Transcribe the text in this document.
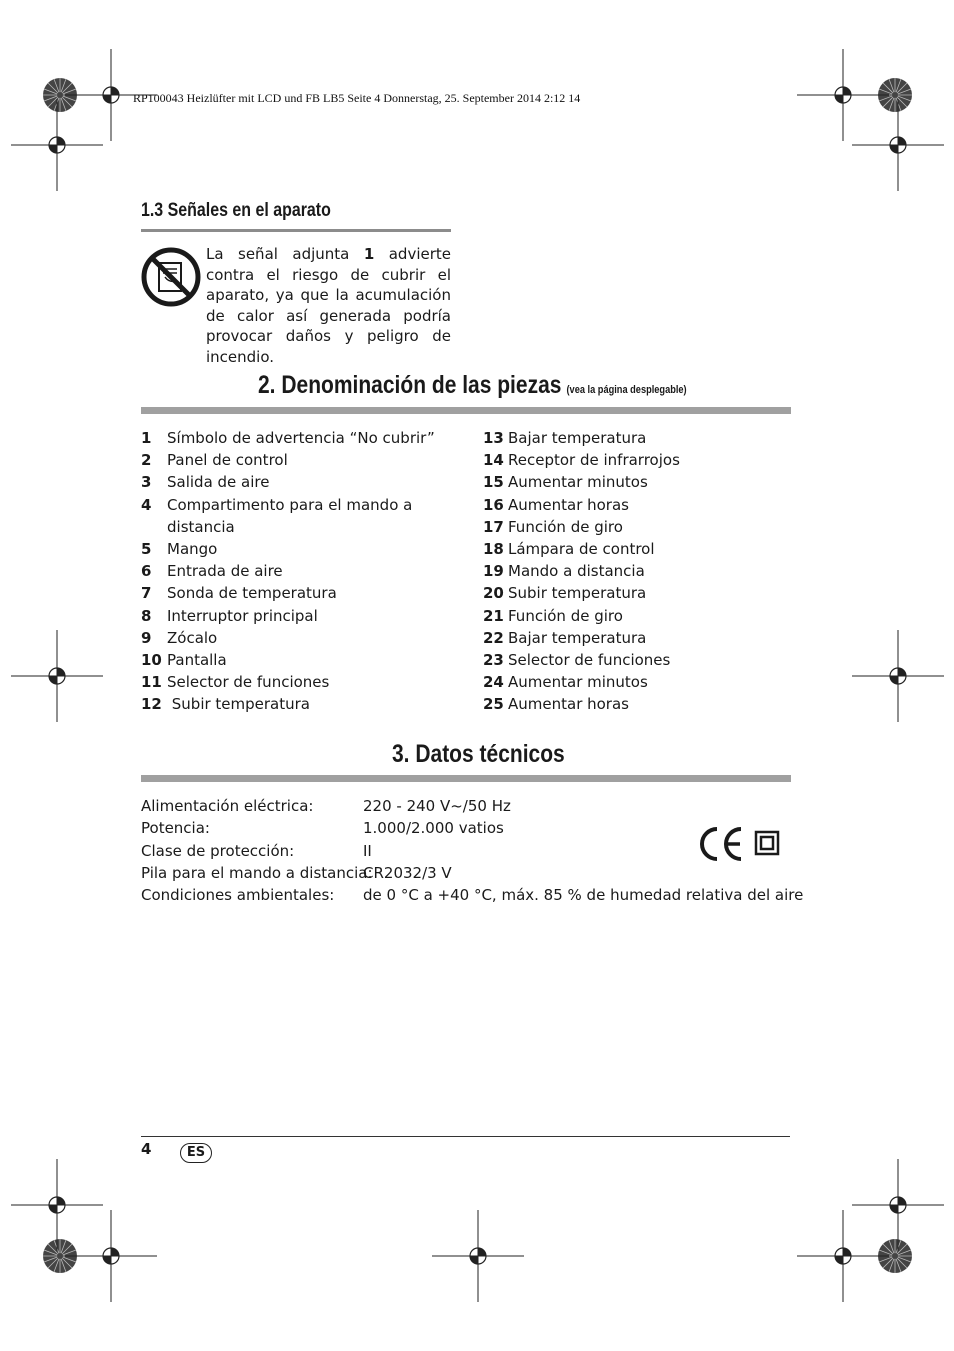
RP100043 Heizlüfter mit LCD und FB LB5 Seite 4 Donnerstag, 25. September 2014 2:12 14
1.3 Señales en el aparato
La señal adjunta 1 advierte contra el riesgo de cubrir el aparato, ya que la acumulación de calor así generada podría provocar daños y peligro de incendio.
2. Denominación de las piezas (vea la página desplegable)
1	Símbolo de advertencia “No cubrir”
2	Panel de control
3	Salida de aire
4	Compartimento para el mando a distancia
5	Mango
6	Entrada de aire
7	Sonda de temperatura
8	Interruptor principal
9	Zócalo
10 Pantalla
11 Selector de funciones
12 Subir temperatura
13 Bajar temperatura
14 Receptor de infrarrojos
15 Aumentar minutos
16 Aumentar horas
17 Función de giro
18 Lámpara de control
19 Mando a distancia
20 Subir temperatura
21 Función de giro
22 Bajar temperatura
23 Selector de funciones
24 Aumentar minutos
25 Aumentar horas
3. Datos técnicos
Alimentación eléctrica:	220 - 240 V~/50 Hz
Potencia:	1.000/2.000 vatios
Clase de protección:	II
Pila para el mando a distancia:
CR2032/3 V
Condiciones ambientales:	de 0 °C a +40 °C, máx. 85 % de humedad relativa del aire
4	ES
